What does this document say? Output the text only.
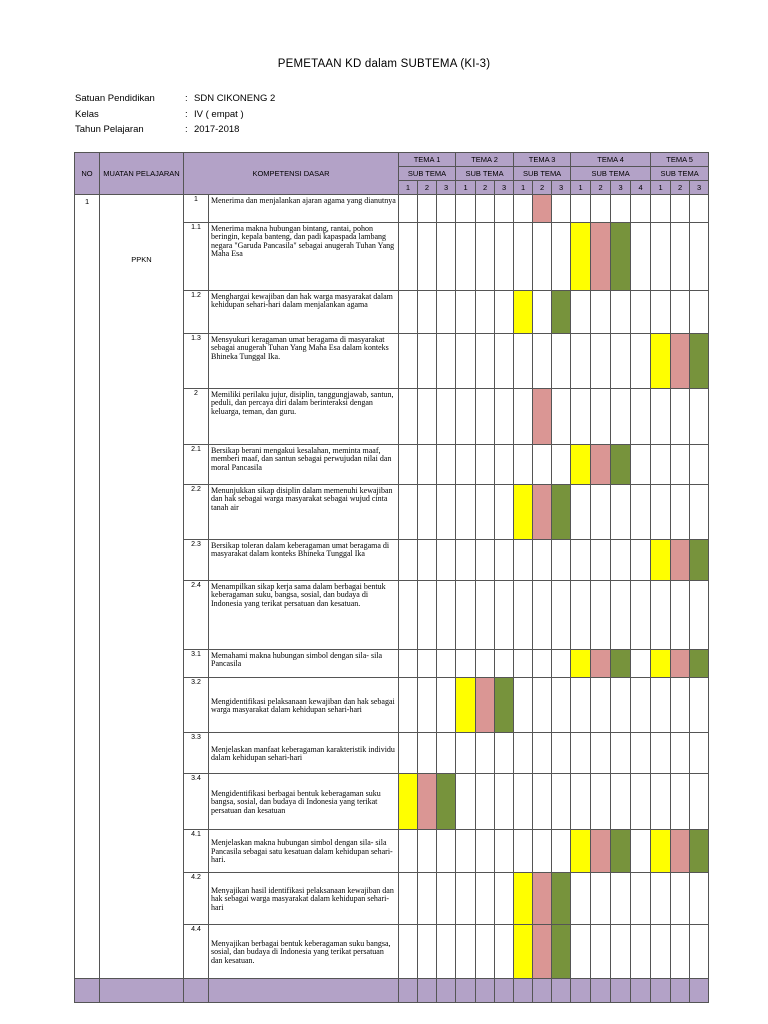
PEMETAAN KD dalam SUBTEMA (KI-3)
Satuan Pendidikan	: SDN CIKONENG 2
Kelas	: IV ( empat )
Tahun Pelajaran	: 2017-2018
NO	MUATAN PELAJARAN	KOMPETENSI DASAR		TEMA 1			TEMA 2			TEMA 3			TEMA 4				TEMA 5		
				SUB TEMA			SUB TEMA			SUB TEMA			SUB TEMA				SUB TEMA		
				1	2	3	1	2	3	1	2	3	1	2	3	4	1	2	3
1	PPKN	1	Menerima dan menjalankan ajaran agama yang dianutnya																
		1.1	Menerima makna hubungan bintang, rantai, pohon beringin, kepala banteng, dan padi kapaspada lambang negara "Garuda Pancasila" sebagai anugerah Tuhan Yang Maha Esa																
		1.2	Menghargai kewajiban dan hak warga masyarakat dalam kehidupan sehari-hari dalam menjalankan agama																
		1.3	Mensyukuri keragaman umat beragama di masyarakat sebagai anugerah Tuhan Yang Maha Esa dalam konteks Bhineka Tunggal Ika.																
		2	Memiliki perilaku jujur, disiplin, tanggungjawab, santun, peduli, dan percaya diri dalam berinteraksi dengan keluarga, teman, dan guru.																
		2.1	Bersikap berani mengakui kesalahan, meminta maaf, memberi maaf, dan santun sebagai perwujudan nilai dan moral Pancasila																
		2.2	Menunjukkan sikap disiplin dalam memenuhi kewajiban dan hak sebagai warga masyarakat sebagai wujud cinta tanah air																
		2.3	Bersikap toleran dalam keberagaman umat beragama di masyarakat dalam konteks Bhineka Tunggal Ika																
		2.4	Menampilkan sikap kerja sama dalam berbagai bentuk keberagaman suku, bangsa, sosial, dan budaya di Indonesia yang terikat persatuan dan kesatuan.																
		3.1	Memahami makna hubungan simbol dengan sila- sila Pancasila																
		3.2	Mengidentifikasi pelaksanaan kewajiban dan hak sebagai warga masyarakat dalam kehidupan sehari-hari																
		3.3	Menjelaskan manfaat keberagaman karakteristik individu dalam kehidupan sehari-hari																
		3.4	Mengidentifikasi berbagai bentuk keberagaman suku bangsa, sosial, dan budaya di Indonesia yang terikat persatuan dan kesatuan																
		4.1	Menjelaskan makna hubungan simbol dengan sila- sila Pancasila sebagai satu kesatuan dalam kehidupan sehari-hari.																
		4.2	Menyajikan hasil identifikasi pelaksanaan kewajiban dan hak sebagai warga masyarakat dalam kehidupan sehari-hari																
		4.4	Menyajikan berbagai bentuk keberagaman suku bangsa, sosial, dan budaya di Indonesia yang terikat persatuan dan kesatuan.																
